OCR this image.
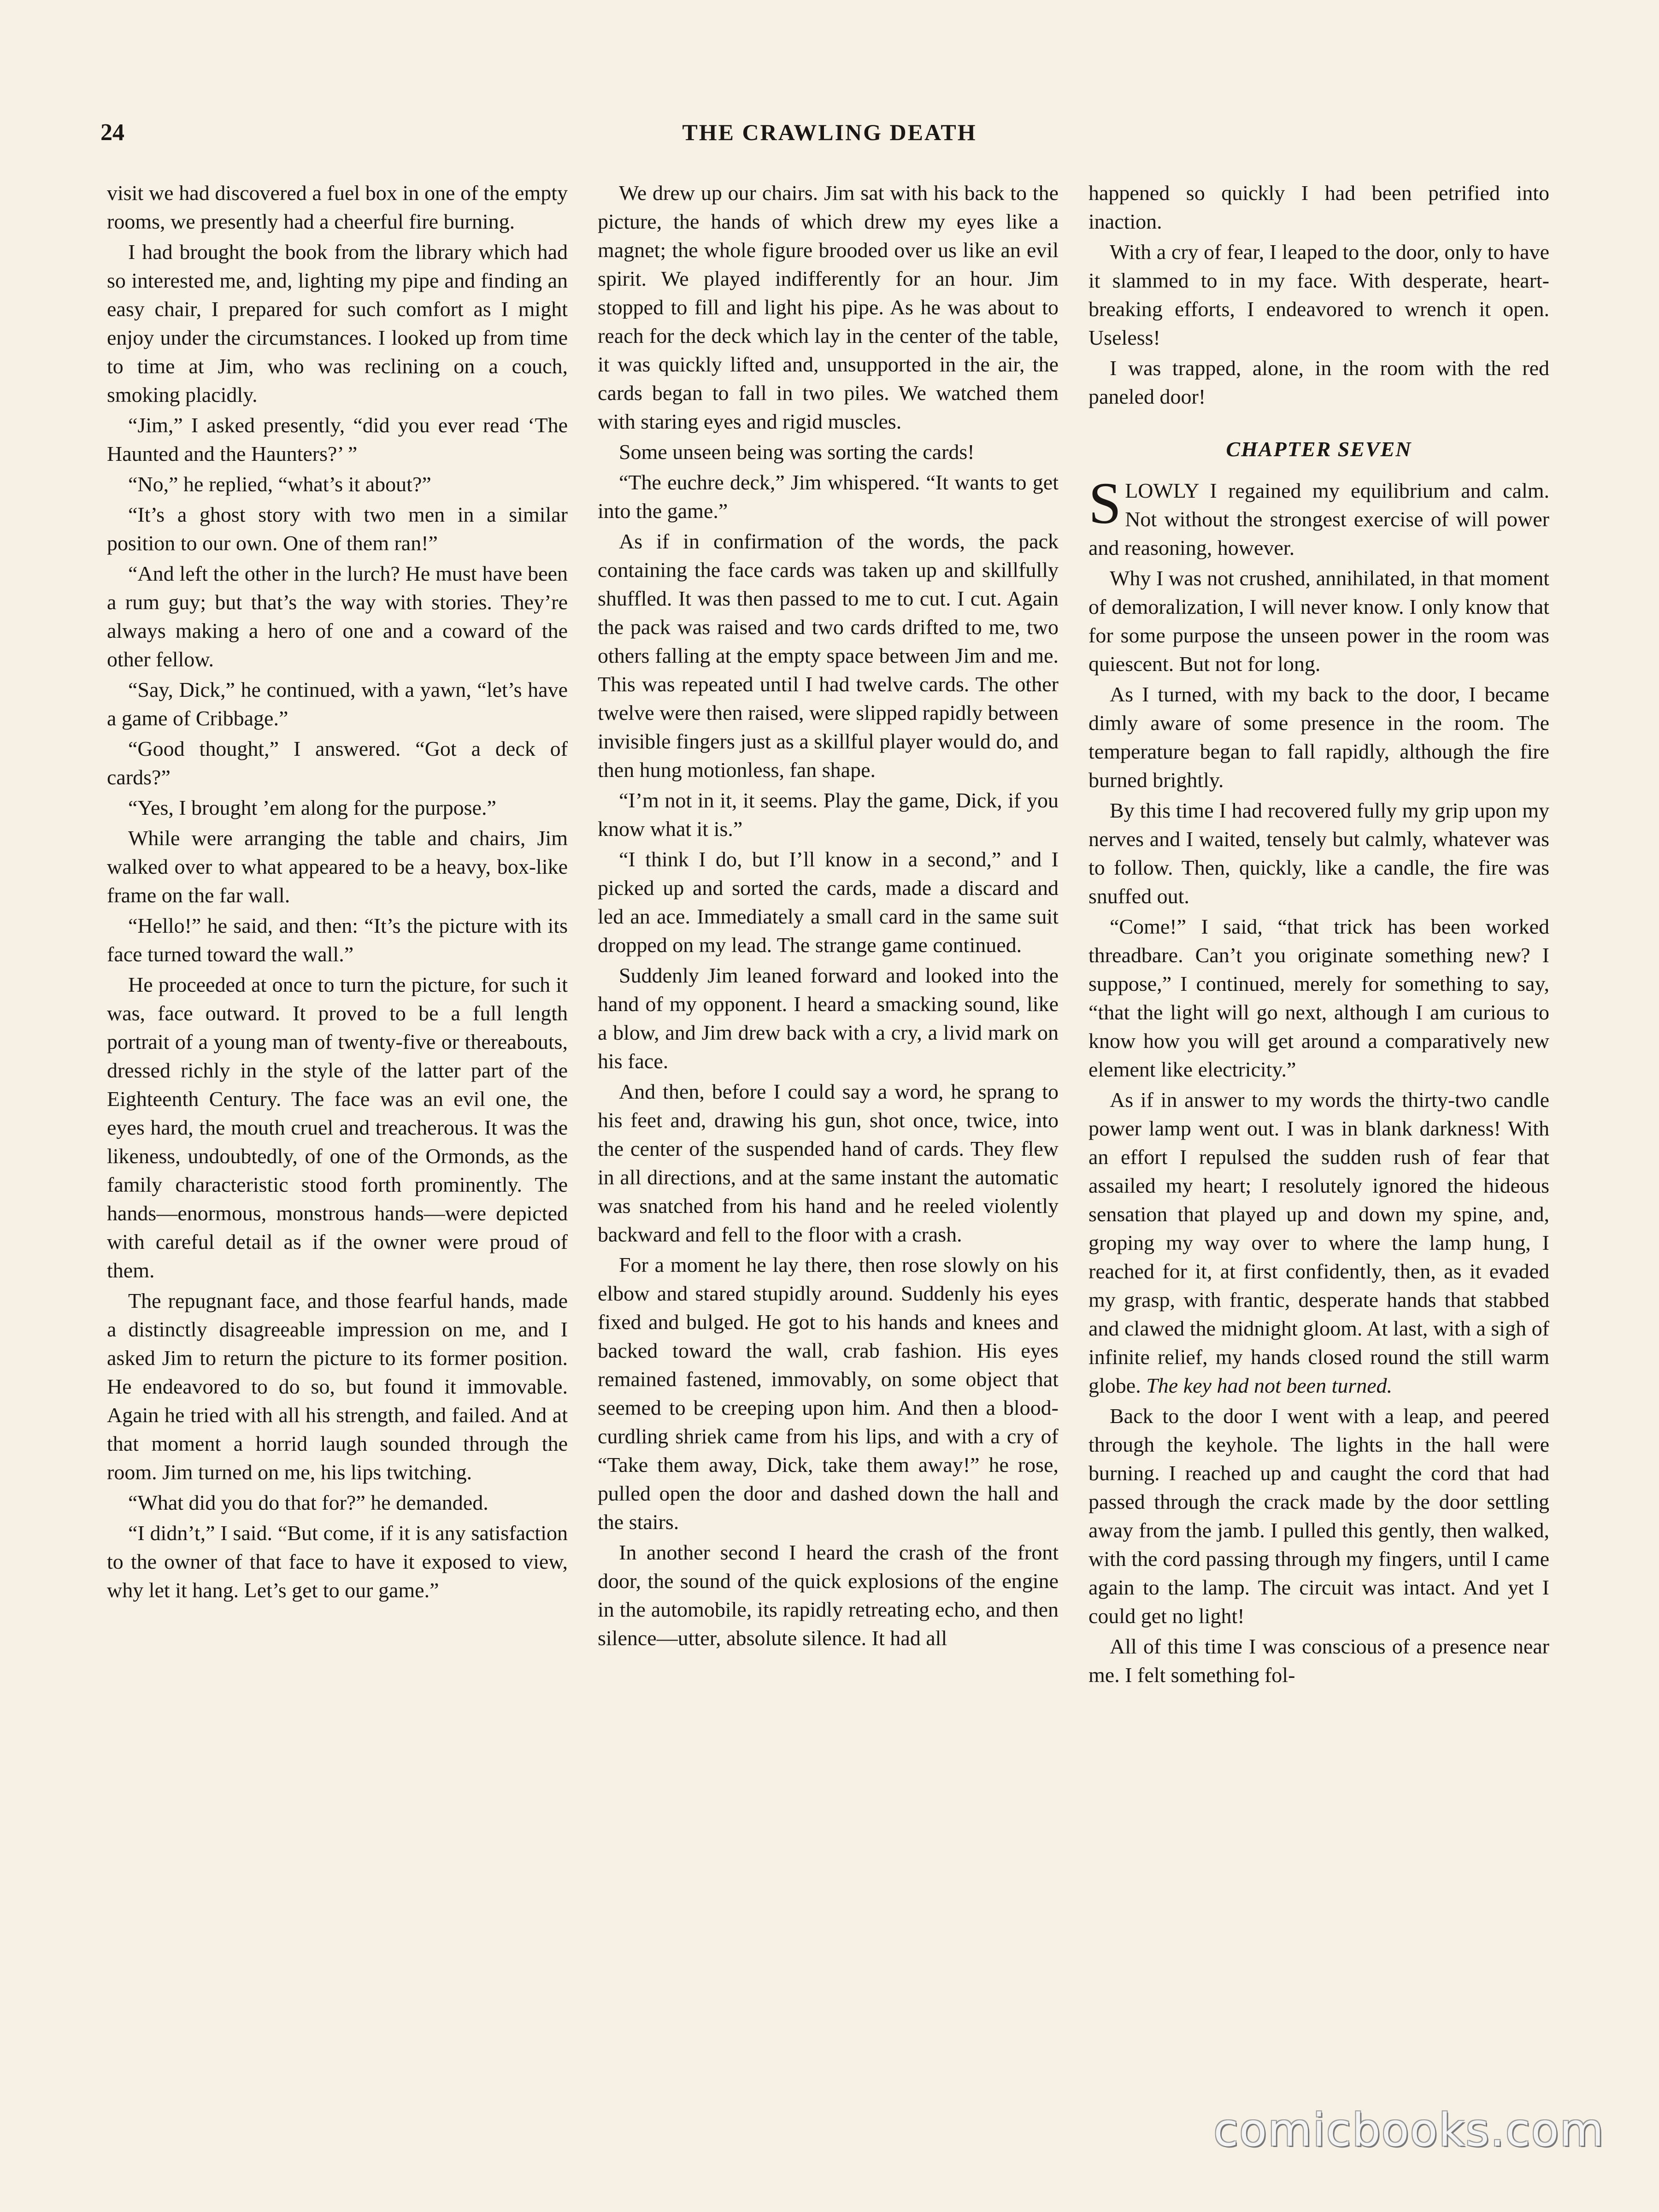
24	THE CRAWLING DEATH

visit we had discovered a fuel box in one of the empty rooms, we presently had a cheerful fire burning.

I had brought the book from the library which had so interested me, and, lighting my pipe and finding an easy chair, I prepared for such comfort as I might enjoy under the circumstances. I looked up from time to time at Jim, who was reclining on a couch, smoking placidly.

“Jim,” I asked presently, “did you ever read ‘The Haunted and the Haunters?’ ”

“No,” he replied, “what’s it about?”

“It’s a ghost story with two men in a similar position to our own. One of them ran!”

“And left the other in the lurch? He must have been a rum guy; but that’s the way with stories. They’re always making a hero of one and a coward of the other fellow.

“Say, Dick,” he continued, with a yawn, “let’s have a game of Cribbage.”

“Good thought,” I answered. “Got a deck of cards?”

“Yes, I brought ’em along for the purpose.”

While were arranging the table and chairs, Jim walked over to what appeared to be a heavy, box-like frame on the far wall.

“Hello!” he said, and then: “It’s the picture with its face turned toward the wall.”

He proceeded at once to turn the picture, for such it was, face outward. It proved to be a full length portrait of a young man of twenty-five or thereabouts, dressed richly in the style of the latter part of the Eighteenth Century. The face was an evil one, the eyes hard, the mouth cruel and treacherous. It was the likeness, undoubtedly, of one of the Ormonds, as the family characteristic stood forth prominently. The hands—enormous, monstrous hands—were depicted with careful detail as if the owner were proud of them.

The repugnant face, and those fearful hands, made a distinctly disagreeable impression on me, and I asked Jim to return the picture to its former position. He endeavored to do so, but found it immovable. Again he tried with all his strength, and failed. And at that moment a horrid laugh sounded through the room. Jim turned on me, his lips twitching.

“What did you do that for?” he demanded.

“I didn’t,” I said. “But come, if it is any satisfaction to the owner of that face to have it exposed to view, why let it hang. Let’s get to our game.”

We drew up our chairs. Jim sat with his back to the picture, the hands of which drew my eyes like a magnet; the whole figure brooded over us like an evil spirit. We played indifferently for an hour. Jim stopped to fill and light his pipe. As he was about to reach for the deck which lay in the center of the table, it was quickly lifted and, unsupported in the air, the cards began to fall in two piles. We watched them with staring eyes and rigid muscles.

Some unseen being was sorting the cards!

“The euchre deck,” Jim whispered. “It wants to get into the game.”

As if in confirmation of the words, the pack containing the face cards was taken up and skillfully shuffled. It was then passed to me to cut. I cut. Again the pack was raised and two cards drifted to me, two others falling at the empty space between Jim and me. This was repeated until I had twelve cards. The other twelve were then raised, were slipped rapidly between invisible fingers just as a skillful player would do, and then hung motionless, fan shape.

“I’m not in it, it seems. Play the game, Dick, if you know what it is.”

“I think I do, but I’ll know in a second,” and I picked up and sorted the cards, made a discard and led an ace. Immediately a small card in the same suit dropped on my lead. The strange game continued.

Suddenly Jim leaned forward and looked into the hand of my opponent. I heard a smacking sound, like a blow, and Jim drew back with a cry, a livid mark on his face.

And then, before I could say a word, he sprang to his feet and, drawing his gun, shot once, twice, into the center of the suspended hand of cards. They flew in all directions, and at the same instant the automatic was snatched from his hand and he reeled violently backward and fell to the floor with a crash.

For a moment he lay there, then rose slowly on his elbow and stared stupidly around. Suddenly his eyes fixed and bulged. He got to his hands and knees and backed toward the wall, crab fashion. His eyes remained fastened, immovably, on some object that seemed to be creeping upon him. And then a blood-curdling shriek came from his lips, and with a cry of “Take them away, Dick, take them away!” he rose, pulled open the door and dashed down the hall and the stairs.

In another second I heard the crash of the front door, the sound of the quick explosions of the engine in the automobile, its rapidly retreating echo, and then silence—utter, absolute silence. It had all

happened so quickly I had been petrified into inaction.

With a cry of fear, I leaped to the door, only to have it slammed to in my face. With desperate, heart-breaking efforts, I endeavored to wrench it open. Useless!

I was trapped, alone, in the room with the red paneled door!

CHAPTER SEVEN

SLOWLY I regained my equilibrium and calm. Not without the strongest exercise of will power and reasoning, however.

Why I was not crushed, annihilated, in that moment of demoralization, I will never know. I only know that for some purpose the unseen power in the room was quiescent. But not for long.

As I turned, with my back to the door, I became dimly aware of some presence in the room. The temperature began to fall rapidly, although the fire burned brightly.

By this time I had recovered fully my grip upon my nerves and I waited, tensely but calmly, whatever was to follow. Then, quickly, like a candle, the fire was snuffed out.

“Come!” I said, “that trick has been worked threadbare. Can’t you originate something new? I suppose,” I continued, merely for something to say, “that the light will go next, although I am curious to know how you will get around a comparatively new element like electricity.”

As if in answer to my words the thirty-two candle power lamp went out. I was in blank darkness! With an effort I repulsed the sudden rush of fear that assailed my heart; I resolutely ignored the hideous sensation that played up and down my spine, and, groping my way over to where the lamp hung, I reached for it, at first confidently, then, as it evaded my grasp, with frantic, desperate hands that stabbed and clawed the midnight gloom. At last, with a sigh of infinite relief, my hands closed round the still warm globe. The key had not been turned.

Back to the door I went with a leap, and peered through the keyhole. The lights in the hall were burning. I reached up and caught the cord that had passed through the crack made by the door settling away from the jamb. I pulled this gently, then walked, with the cord passing through my fingers, until I came again to the lamp. The circuit was intact. And yet I could get no light!

All of this time I was conscious of a presence near me. I felt something fol-

comicbooks.com
